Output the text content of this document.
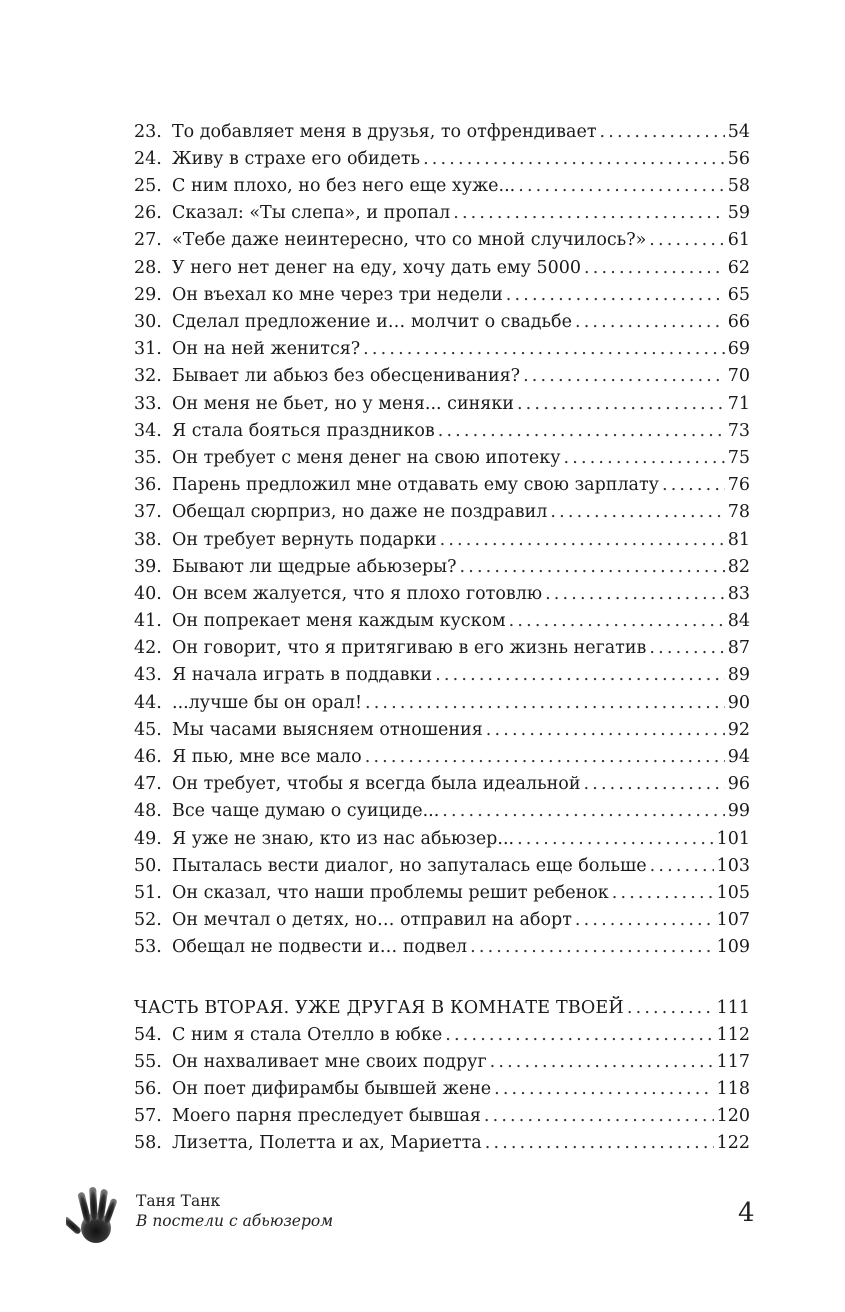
23. То добавляет меня в друзья, то отфрендивает . . .	54
24. Живу в страхе его обидеть . . .	56
25. С ним плохо, но без него еще хуже... . . .	58
26. Сказал: «Ты слепа», и пропал . . .	59
27. «Тебе даже неинтересно, что со мной случилось?» . . .	61
28. У него нет денег на еду, хочу дать ему 5000 . . .	62
29. Он въехал ко мне через три недели . . .	65
30. Сделал предложение и… молчит о свадьбе . . .	66
31. Он на ней женится? . . .	69
32. Бывает ли абьюз без обесценивания? . . .	70
33. Он меня не бьет, но у меня... синяки . . .	71
34. Я стала бояться праздников . . .	73
35. Он требует с меня денег на свою ипотеку . . .	75
36. Парень предложил мне отдавать ему свою зарплату . . .	76
37. Обещал сюрприз, но даже не поздравил . . .	78
38. Он требует вернуть подарки . . .	81
39. Бывают ли щедрые абьюзеры? . . .	82
40. Он всем жалуется, что я плохо готовлю . . .	83
41. Он попрекает меня каждым куском . . .	84
42. Он говорит, что я притягиваю в его жизнь негатив . . .	87
43. Я начала играть в поддавки . . .	89
44. ...лучше бы он орал! . . .	90
45. Мы часами выясняем отношения . . .	92
46. Я пью, мне все мало . . .	94
47. Он требует, чтобы я всегда была идеальной . . .	96
48. Все чаще думаю о суициде... . . .	99
49. Я уже не знаю, кто из нас абьюзер... . . .	101
50. Пыталась вести диалог, но запуталась еще больше . . .	103
51. Он сказал, что наши проблемы решит ребенок . . .	105
52. Он мечтал о детях, но… отправил на аборт . . .	107
53. Обещал не подвести и… подвел . . .	109
ЧАСТЬ ВТОРАЯ. УЖЕ ДРУГАЯ В КОМНАТЕ ТВОЕЙ . . .	111
54. С ним я стала Отелло в юбке . . .	112
55. Он нахваливает мне своих подруг . . .	117
56. Он поет дифирамбы бывшей жене . . .	118
57. Моего парня преследует бывшая . . .	120
58. Лизетта, Полетта и ах, Мариетта . . .	122
Таня Танк
В постели с абьюзером	4
